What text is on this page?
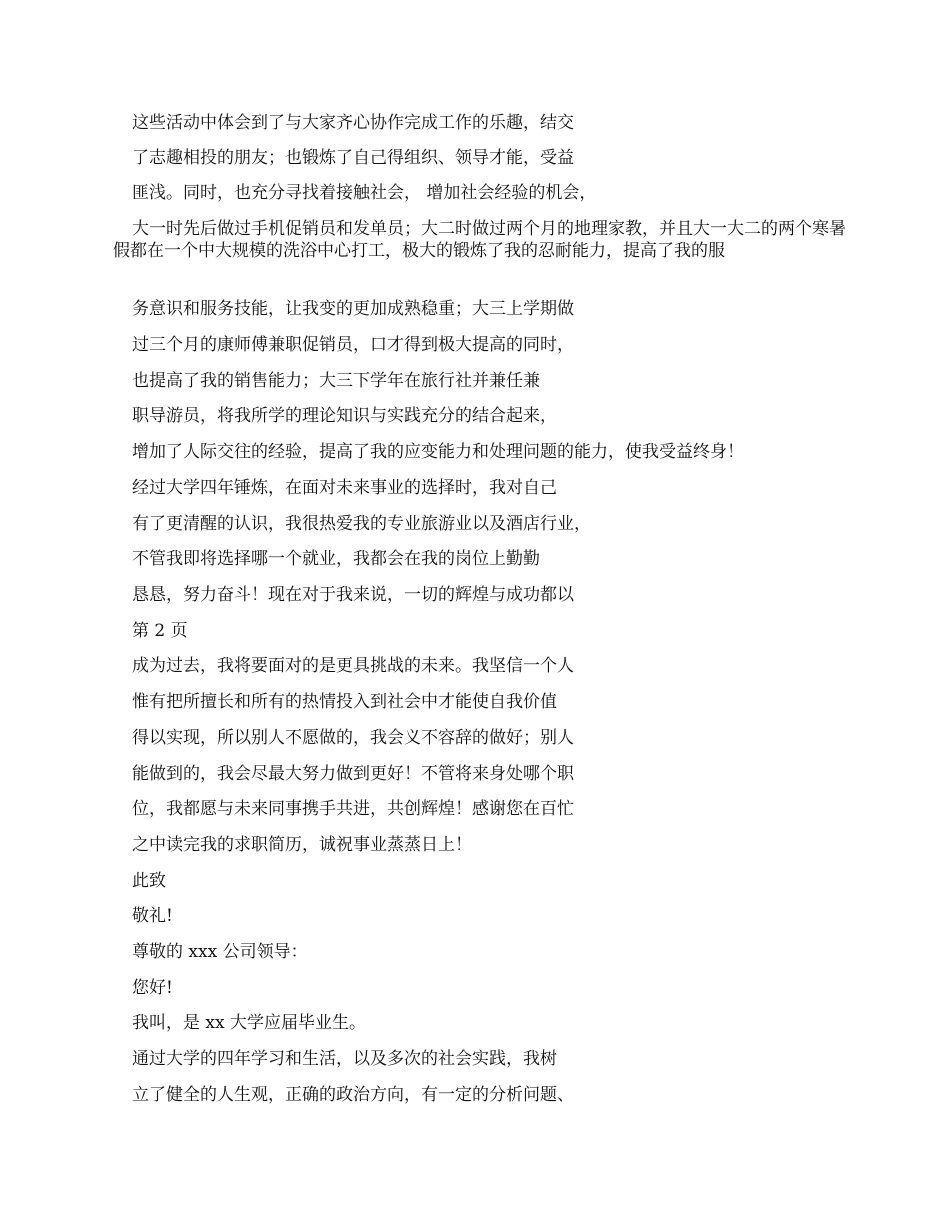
这些活动中体会到了与大家齐心协作完成工作的乐趣，结交
了志趣相投的朋友；也锻炼了自己得组织、领导才能，受益
匪浅。同时，也充分寻找着接触社会， 增加社会经验的机会，
大一时先后做过手机促销员和发单员；大二时做过两个月的地理家教，并且大一大二的两个寒暑假都在一个中大规模的洗浴中心打工，极大的锻炼了我的忍耐能力，提高了我的服
务意识和服务技能，让我变的更加成熟稳重；大三上学期做
过三个月的康师傅兼职促销员，口才得到极大提高的同时，
也提高了我的销售能力；大三下学年在旅行社并兼任兼
职导游员，将我所学的理论知识与实践充分的结合起来，
增加了人际交往的经验，提高了我的应变能力和处理问题的能力，使我受益终身！
经过大学四年锤炼，在面对未来事业的选择时，我对自己
有了更清醒的认识，我很热爱我的专业旅游业以及酒店行业，
不管我即将选择哪一个就业，我都会在我的岗位上勤勤
恳恳，努力奋斗！现在对于我来说，一切的辉煌与成功都以
第 2 页
成为过去，我将要面对的是更具挑战的未来。我坚信一个人
惟有把所擅长和所有的热情投入到社会中才能使自我价值
得以实现，所以别人不愿做的，我会义不容辞的做好；别人
能做到的，我会尽最大努力做到更好！不管将来身处哪个职
位，我都愿与未来同事携手共进，共创辉煌！感谢您在百忙
之中读完我的求职简历，诚祝事业蒸蒸日上！
此致
敬礼!
尊敬的 xxx 公司领导：
您好!
我叫，是 xx 大学应届毕业生。
通过大学的四年学习和生活，以及多次的社会实践，我树
立了健全的人生观，正确的政治方向，有一定的分析问题、
